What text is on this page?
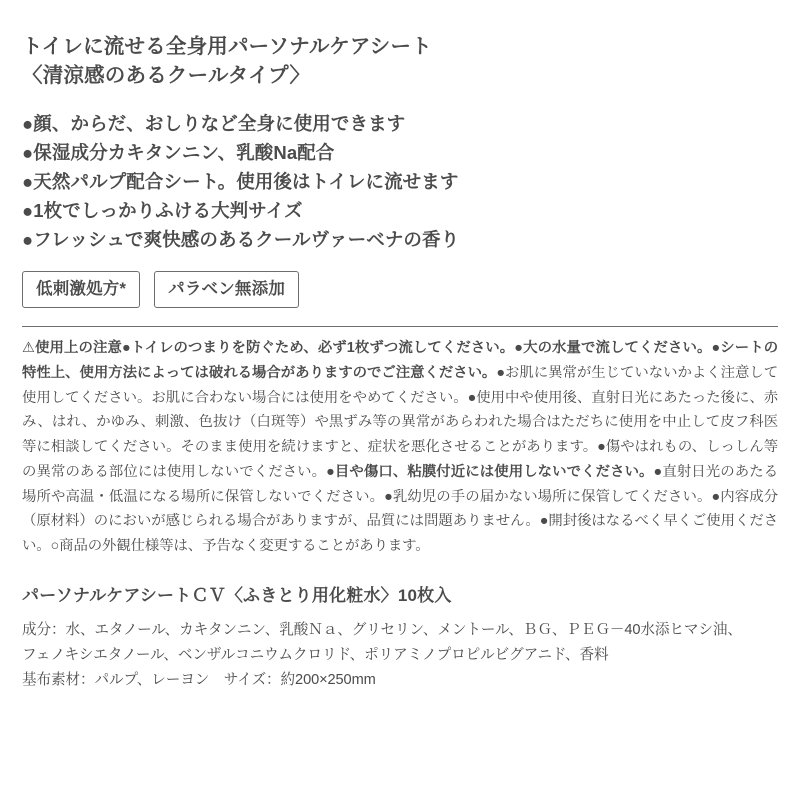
トイレに流せる全身用パーソナルケアシート
〈清涼感のあるクールタイプ〉
●顔、からだ、おしりなど全身に使用できます
●保湿成分カキタンニン、乳酸Na配合
●天然パルプ配合シート。使用後はトイレに流せます
●1枚でしっかりふける大判サイズ
●フレッシュで爽快感のあるクールヴァーベナの香り
低刺激処方*	パラベン無添加
⚠使用上の注意●トイレのつまりを防ぐため、必ず1枚ずつ流してください。●大の水量で流してください。●シートの特性上、使用方法によっては破れる場合がありますのでご注意ください。●お肌に異常が生じていないかよく注意して使用してください。お肌に合わない場合には使用をやめてください。●使用中や使用後、直射日光にあたった後に、赤み、はれ、かゆみ、刺激、色抜け（白斑等）や黒ずみ等の異常があらわれた場合はただちに使用を中止して皮フ科医等に相談してください。そのまま使用を続けますと、症状を悪化させることがあります。●傷やはれもの、しっしん等の異常のある部位には使用しないでください。●目や傷口、粘膜付近には使用しないでください。●直射日光のあたる場所や高温・低温になる場所に保管しないでください。●乳幼児の手の届かない場所に保管してください。●内容成分（原材料）のにおいが感じられる場合がありますが、品質には問題ありません。●開封後はなるべく早くご使用ください。○商品の外観仕様等は、予告なく変更することがあります。
パーソナルケアシートＣＶ〈ふきとり用化粧水〉10枚入
成分：水、エタノール、カキタンニン、乳酸Ｎａ、グリセリン、メントール、ＢＧ、ＰＥＧ－40水添ヒマシ油、
フェノキシエタノール、ベンザルコニウムクロリド、ポリアミノプロピルビグアニド、香料
基布素材：パルプ、レーヨン　サイズ：約200×250mm
